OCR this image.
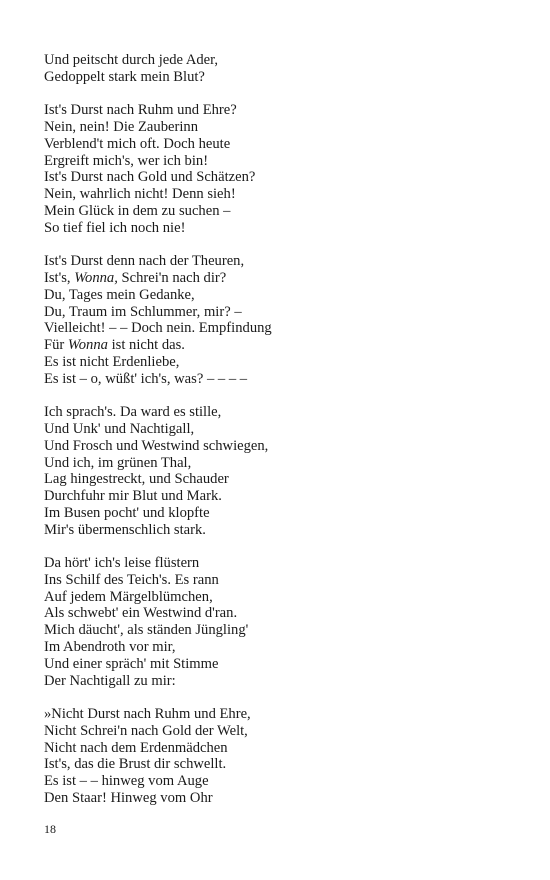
Und peitscht durch jede Ader,
Gedoppelt stark mein Blut?
Ist's Durst nach Ruhm und Ehre?
Nein, nein! Die Zauberinn
Verblend't mich oft. Doch heute
Ergreift mich's, wer ich bin!
Ist's Durst nach Gold und Schätzen?
Nein, wahrlich nicht! Denn sieh!
Mein Glück in dem zu suchen –
So tief fiel ich noch nie!
Ist's Durst denn nach der Theuren,
Ist's, Wonna, Schrei'n nach dir?
Du, Tages mein Gedanke,
Du, Traum im Schlummer, mir? –
Vielleicht! – – Doch nein. Empfindung
Für Wonna ist nicht das.
Es ist nicht Erdenliebe,
Es ist – o, wüßt' ich's, was? – – – –
Ich sprach's. Da ward es stille,
Und Unk' und Nachtigall,
Und Frosch und Westwind schwiegen,
Und ich, im grünen Thal,
Lag hingestreckt, und Schauder
Durchfuhr mir Blut und Mark.
Im Busen pocht' und klopfte
Mir's übermenschlich stark.
Da hört' ich's leise flüstern
Ins Schilf des Teich's. Es rann
Auf jedem Märgelblümchen,
Als schwebt' ein Westwind d'ran.
Mich däucht', als ständen Jüngling'
Im Abendroth vor mir,
Und einer spräch' mit Stimme
Der Nachtigall zu mir:
»Nicht Durst nach Ruhm und Ehre,
Nicht Schrei'n nach Gold der Welt,
Nicht nach dem Erdenmädchen
Ist's, das die Brust dir schwellt.
Es ist – – hinweg vom Auge
Den Staar! Hinweg vom Ohr
18
